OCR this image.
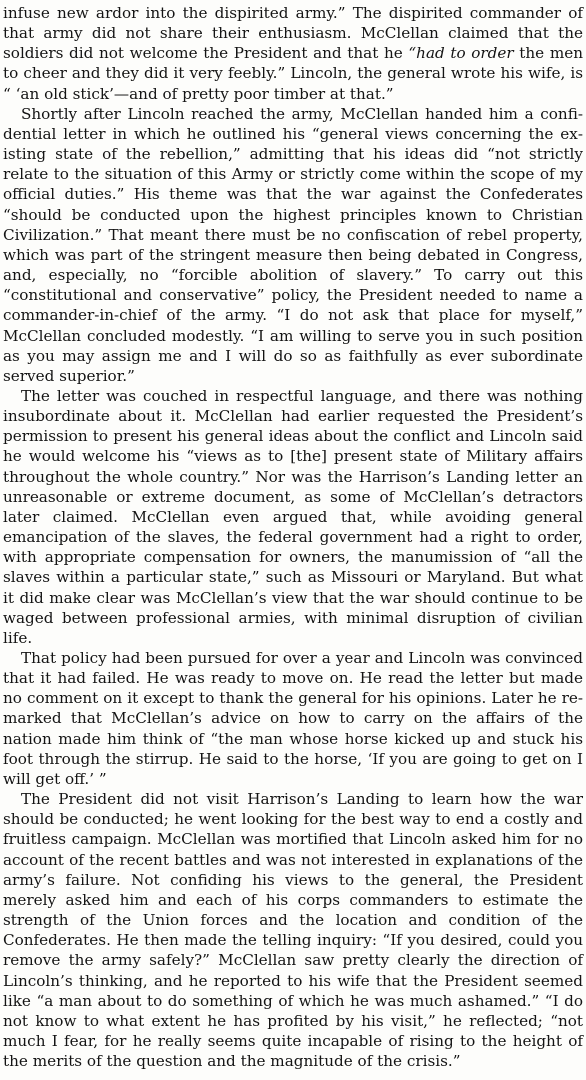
infuse new ardor into the dispirited army.” The dispirited commander of that army did not share their enthusiasm. McClellan claimed that the soldiers did not welcome the President and that he “had to order the men to cheer and they did it very feebly.” Lincoln, the general wrote his wife, is “ ‘an old stick’—and of pretty poor timber at that.”

Shortly after Lincoln reached the army, McClellan handed him a confidential letter in which he outlined his “general views concerning the existing state of the rebellion,” admitting that his ideas did “not strictly relate to the situation of this Army or strictly come within the scope of my official duties.” His theme was that the war against the Confederates “should be conducted upon the highest principles known to Christian Civilization.” That meant there must be no confiscation of rebel property, which was part of the stringent measure then being debated in Congress, and, especially, no “forcible abolition of slavery.” To carry out this “constitutional and conservative” policy, the President needed to name a commander-in-chief of the army. “I do not ask that place for myself,” McClellan concluded modestly. “I am willing to serve you in such position as you may assign me and I will do so as faithfully as ever subordinate served superior.”

The letter was couched in respectful language, and there was nothing insubordinate about it. McClellan had earlier requested the President’s permission to present his general ideas about the conflict and Lincoln said he would welcome his “views as to [the] present state of Military affairs throughout the whole country.” Nor was the Harrison’s Landing letter an unreasonable or extreme document, as some of McClellan’s detractors later claimed. McClellan even argued that, while avoiding general emancipation of the slaves, the federal government had a right to order, with appropriate compensation for owners, the manumission of “all the slaves within a particular state,” such as Missouri or Maryland. But what it did make clear was McClellan’s view that the war should continue to be waged between professional armies, with minimal disruption of civilian life.

That policy had been pursued for over a year and Lincoln was convinced that it had failed. He was ready to move on. He read the letter but made no comment on it except to thank the general for his opinions. Later he remarked that McClellan’s advice on how to carry on the affairs of the nation made him think of “the man whose horse kicked up and stuck his foot through the stirrup. He said to the horse, ‘If you are going to get on I will get off.’ ”

The President did not visit Harrison’s Landing to learn how the war should be conducted; he went looking for the best way to end a costly and fruitless campaign. McClellan was mortified that Lincoln asked him for no account of the recent battles and was not interested in explanations of the army’s failure. Not confiding his views to the general, the President merely asked him and each of his corps commanders to estimate the strength of the Union forces and the location and condition of the Confederates. He then made the telling inquiry: “If you desired, could you remove the army safely?” McClellan saw pretty clearly the direction of Lincoln’s thinking, and he reported to his wife that the President seemed like “a man about to do something of which he was much ashamed.” “I do not know to what extent he has profited by his visit,” he reflected; “not much I fear, for he really seems quite incapable of rising to the height of the merits of the question and the magnitude of the crisis.”
